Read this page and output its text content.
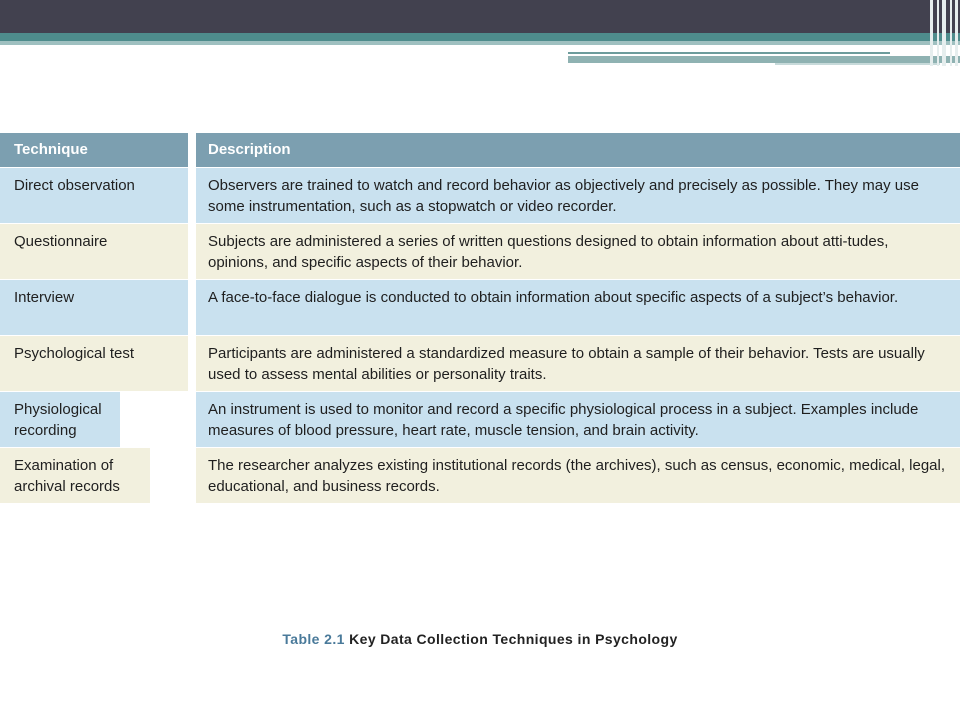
Technique
Direct observation
Questionnaire
Interview
Psychological test
Physiological recording
Examination of archival records
Description
Observers are trained to watch and record behavior as objectively and precisely as possible. They may use some instrumentation, such as a stopwatch or video recorder.
Subjects are administered a series of written questions designed to obtain information about atti-tudes, opinions, and specific aspects of their behavior.
A face-to-face dialogue is conducted to obtain information about specific aspects of a subject’s behavior.
Participants are administered a standardized measure to obtain a sample of their behavior. Tests are usually used to assess mental abilities or personality traits.
An instrument is used to monitor and record a specific physiological process in a subject. Examples include measures of blood pressure, heart rate, muscle tension, and brain activity.
The researcher analyzes existing institutional records (the archives), such as census, economic, medical, legal, educational, and business records.
Table 2.1 Key Data Collection Techniques in Psychology
